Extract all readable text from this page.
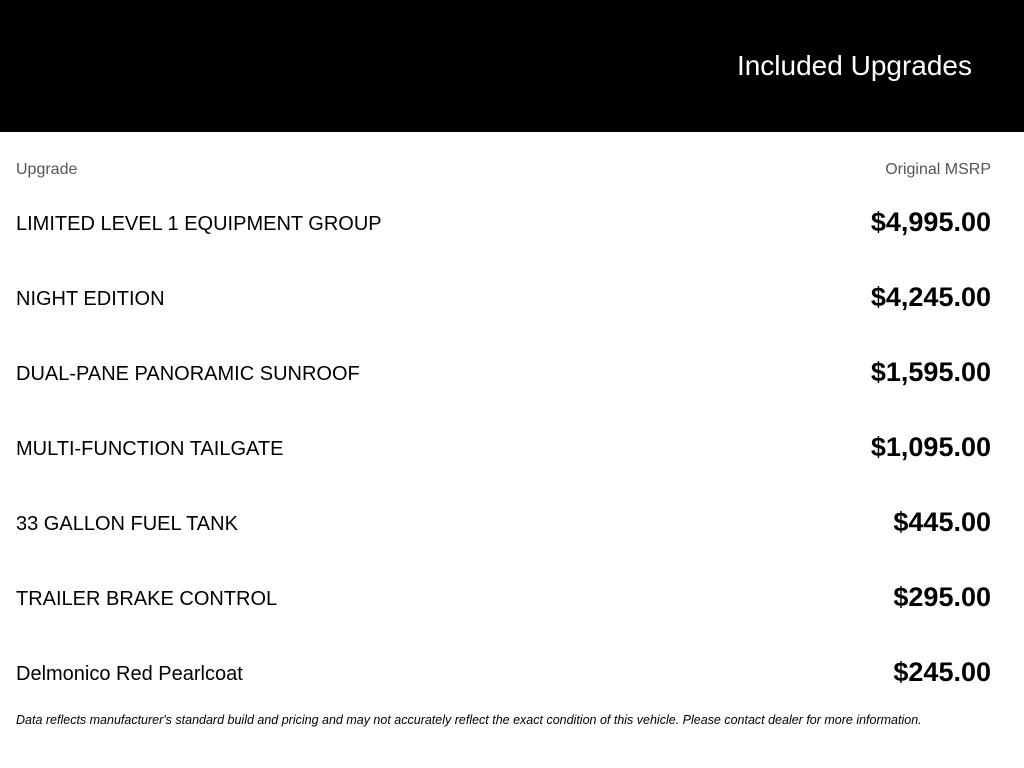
Included Upgrades
Upgrade	Original MSRP
LIMITED LEVEL 1 EQUIPMENT GROUP	$4,995.00
NIGHT EDITION	$4,245.00
DUAL-PANE PANORAMIC SUNROOF	$1,595.00
MULTI-FUNCTION TAILGATE	$1,095.00
33 GALLON FUEL TANK	$445.00
TRAILER BRAKE CONTROL	$295.00
Delmonico Red Pearlcoat	$245.00
Data reflects manufacturer's standard build and pricing and may not accurately reflect the exact condition of this vehicle. Please contact dealer for more information.
